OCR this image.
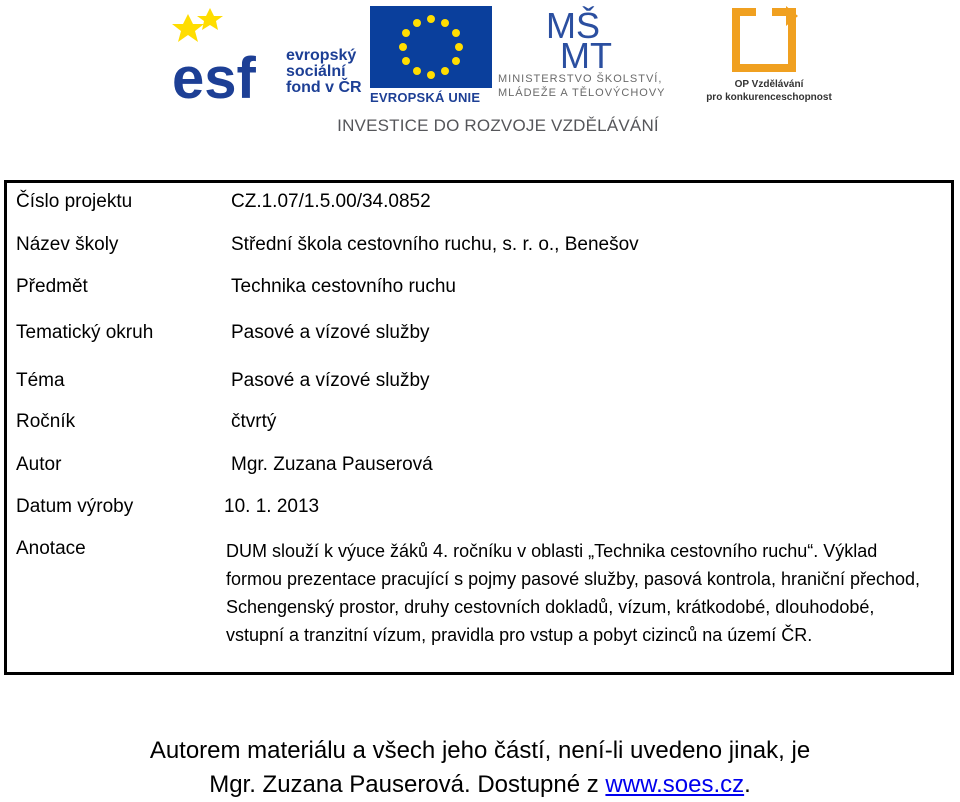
esf evropský
sociální
fond v ČR
EVROPSKÁ UNIE
MŠ
MT
MINISTERSTVO ŠKOLSTVÍ,
MLÁDEŽE A TĚLOVÝCHOVY
OP Vzdělávání
pro konkurenceschopnost
INVESTICE DO ROZVOJE VZDĚLÁVÁNÍ
Číslo projektu	CZ.1.07/1.5.00/34.0852
Název školy	Střední škola cestovního ruchu, s. r. o., Benešov
Předmět	Technika cestovního ruchu
Tematický okruh	Pasové a vízové služby
Téma	Pasové a vízové služby
Ročník	čtvrtý
Autor	Mgr. Zuzana Pauserová
Datum výroby	10. 1. 2013
Anotace	DUM slouží k výuce žáků 4. ročníku v oblasti „Technika cestovního ruchu“. Výklad formou prezentace pracující s pojmy pasové služby, pasová kontrola, hraniční přechod, Schengenský prostor, druhy cestovních dokladů, vízum, krátkodobé, dlouhodobé, vstupní a tranzitní vízum, pravidla pro vstup a pobyt cizinců na území ČR.
Autorem materiálu a všech jeho částí, není-li uvedeno jinak, je
Mgr. Zuzana Pauserová. Dostupné z www.soes.cz.
